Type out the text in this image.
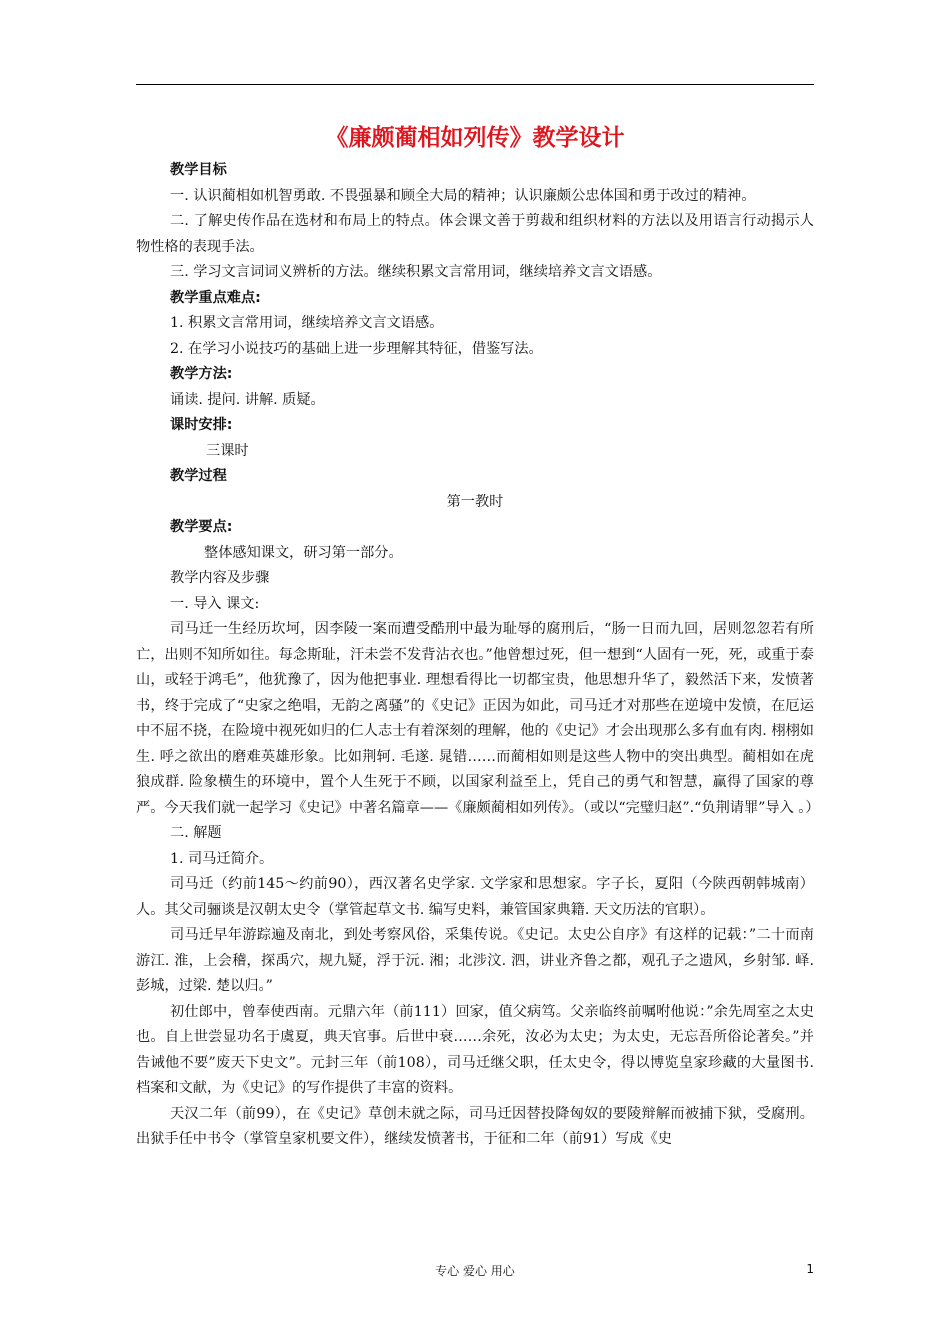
《廉颇蔺相如列传》教学设计
教学目标

一. 认识蔺相如机智勇敢. 不畏强暴和顾全大局的精神；认识廉颇公忠体国和勇于改过的精神。

二. 了解史传作品在选材和布局上的特点。体会课文善于剪裁和组织材料的方法以及用语言行动揭示人物性格的表现手法。

三. 学习文言词词义辨析的方法。继续积累文言常用词，继续培养文言文语感。

教学重点难点:

1. 积累文言常用词，继续培养文言文语感。

2. 在学习小说技巧的基础上进一步理解其特征，借鉴写法。

教学方法:

诵读. 提问. 讲解. 质疑。

课时安排:

三课时

教学过程

第一教时

教学要点:

整体感知课文，研习第一部分。

教学内容及步骤

一. 导入 课文:

司马迁一生经历坎坷，因李陵一案而遭受酷刑中最为耻辱的腐刑后，“肠一日而九回，居则忽忽若有所亡，出则不知所如往。每念斯耻，汗未尝不发背沾衣也。”他曾想过死，但一想到“人固有一死，死，或重于泰山，或轻于鸿毛”，他犹豫了，因为他把事业. 理想看得比一切都宝贵，他思想升华了，毅然活下来，发愤著书，终于完成了“史家之绝唱，无韵之离骚”的《史记》正因为如此，司马迁才对那些在逆境中发愤，在厄运中不屈不挠，在险境中视死如归的仁人志士有着深刻的理解，他的《史记》才会出现那么多有血有肉. 栩栩如生. 呼之欲出的磨难英雄形象。比如荆轲. 毛遂. 晁错……而蔺相如则是这些人物中的突出典型。蔺相如在虎狼成群. 险象横生的环境中，置个人生死于不顾，以国家利益至上，凭自己的勇气和智慧，赢得了国家的尊严。今天我们就一起学习《史记》中著名篇章——《廉颇蔺相如列传》。（或以“完璧归赵”.“负荆请罪”导入 。）

二. 解题

1. 司马迁简介。

司马迁（约前145～约前90），西汉著名史学家. 文学家和思想家。字子长，夏阳（今陕西朝韩城南）人。其父司骊谈是汉朝太史令（掌管起草文书. 编写史料，兼管国家典籍. 天文历法的官职）。

司马迁早年游踪遍及南北，到处考察风俗，采集传说。《史记。太史公自序》有这样的记载：”二十而南游江. 淮，上会稽，探禹穴，规九疑，浮于沅. 湘；北涉汶. 泗，讲业齐鲁之都，观孔子之遗风，乡射邹. 峄. 彭城，过梁. 楚以归。”

初仕郎中，曾奉使西南。元鼎六年（前111）回家，值父病笃。父亲临终前嘱咐他说：”余先周室之太史也。自上世尝显功名于虞夏，典天官事。后世中衰……余死，汝必为太史；为太史，无忘吾所俗论著矣。”并告诫他不要”废天下史文”。元封三年（前108），司马迁继父职，任太史令，得以博览皇家珍藏的大量图书. 档案和文献，为《史记》的写作提供了丰富的资料。

天汉二年（前99），在《史记》草创未就之际，司马迁因替投降匈奴的要陵辩解而被捕下狱，受腐刑。出狱手任中书令（掌管皇家机要文件），继续发愤著书，于征和二年（前91）写成《史

专心 爱心 用心	1
